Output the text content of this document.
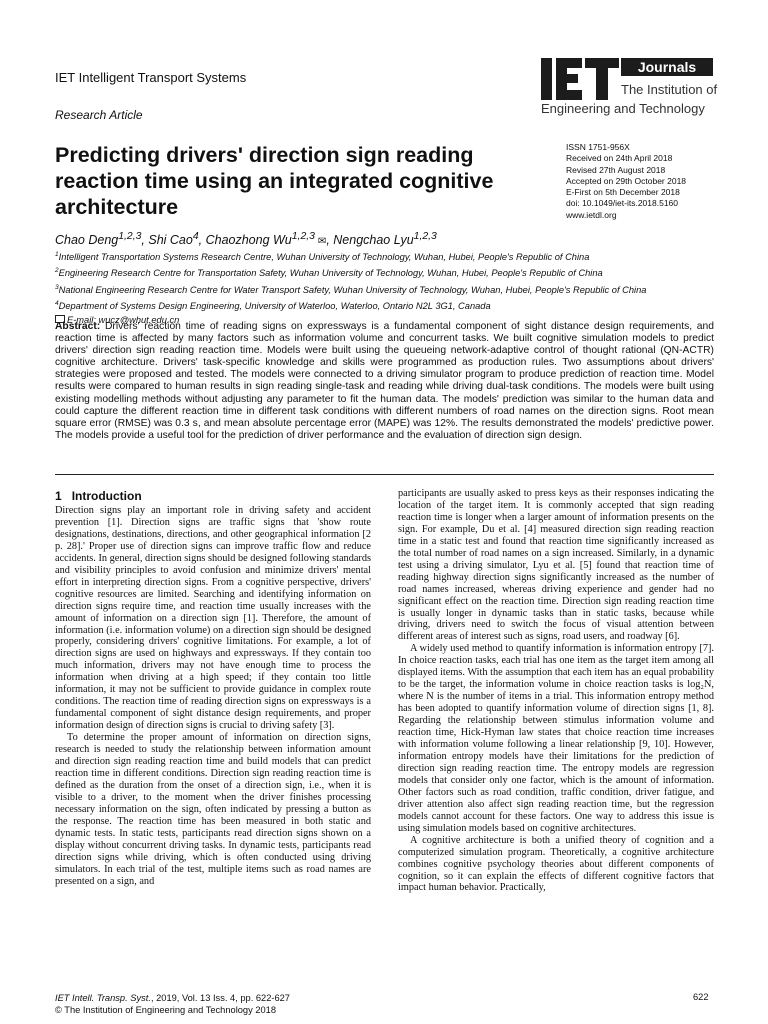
IET Intelligent Transport Systems
Research Article
Journals
The Institution of
Engineering and Technology
Predicting drivers' direction sign reading reaction time using an integrated cognitive architecture
ISSN 1751-956X
Received on 24th April 2018
Revised 27th August 2018
Accepted on 29th October 2018
E-First on 5th December 2018
doi: 10.1049/iet-its.2018.5160
www.ietdl.org
Chao Deng$^{1,2,3}$, Shi Cao$^4$, Chaozhong Wu$^{1,2,3}$ ✉, Nengchao Lyu$^{1,2,3}$
$^1$Intelligent Transportation Systems Research Centre, Wuhan University of Technology, Wuhan, Hubei, People's Republic of China
$^2$Engineering Research Centre for Transportation Safety, Wuhan University of Technology, Wuhan, Hubei, People's Republic of China
$^3$National Engineering Research Centre for Water Transport Safety, Wuhan University of Technology, Wuhan, Hubei, People's Republic of China
$^4$Department of Systems Design Engineering, University of Waterloo, Waterloo, Ontario N2L 3G1, Canada
E-mail: wucz@whut.edu.cn
Abstract: Drivers' reaction time of reading signs on expressways is a fundamental component of sight distance design requirements, and reaction time is affected by many factors such as information volume and concurrent tasks. We built cognitive simulation models to predict drivers' direction sign reading reaction time. Models were built using the queueing network-adaptive control of thought rational (QN-ACTR) cognitive architecture. Drivers' task-specific knowledge and skills were programmed as production rules. Two assumptions about drivers' strategies were proposed and tested. The models were connected to a driving simulator program to produce prediction of reaction time. Model results were compared to human results in sign reading single-task and reading while driving dual-task conditions. The models were built using existing modelling methods without adjusting any parameter to fit the human data. The models' prediction was similar to the human data and could capture the different reaction time in different task conditions with different numbers of road names on the direction signs. Root mean square error (RMSE) was 0.3 s, and mean absolute percentage error (MAPE) was 12%. The results demonstrated the models' predictive power. The models provide a useful tool for the prediction of driver performance and the evaluation of direction sign design.
1 Introduction

Direction signs play an important role in driving safety and accident prevention [1]. Direction signs are traffic signs that 'show route designations, destinations, directions, and other geographical information [2 p. 28].' Proper use of direction signs can improve traffic flow and reduce accidents. In general, direction signs should be designed following standards and visibility principles to avoid confusion and minimize drivers' mental effort in interpreting direction signs. From a cognitive perspective, drivers' cognitive resources are limited. Searching and identifying information on direction signs require time, and reaction time usually increases with the amount of information on a direction sign [1]. Therefore, the amount of information (i.e. information volume) on a direction sign should be designed properly, considering drivers' cognitive limitations. For example, a lot of direction signs are used on highways and expressways. If they contain too much information, drivers may not have enough time to process the information when driving at a high speed; if they contain too little information, it may not be sufficient to provide guidance in complex route conditions. The reaction time of reading direction signs on expressways is a fundamental component of sight distance design requirements, and proper information design of direction signs is crucial to driving safety [3].

To determine the proper amount of information on direction signs, research is needed to study the relationship between information amount and direction sign reading reaction time and build models that can predict reaction time in different conditions. Direction sign reading reaction time is defined as the duration from the onset of a direction sign, i.e., when it is visible to a driver, to the moment when the driver finishes processing necessary information on the sign, often indicated by pressing a button as the response. The reaction time has been measured in both static and dynamic tests. In static tests, participants read direction signs shown on a display without concurrent driving tasks. In dynamic tests, participants read direction signs while driving, which is often conducted using driving simulators. In each trial of the test, multiple items such as road names are presented on a sign, and

participants are usually asked to press keys as their responses indicating the location of the target item. It is commonly accepted that sign reading reaction time is longer when a larger amount of information presents on the sign. For example, Du et al. [4] measured direction sign reading reaction time in a static test and found that reaction time significantly increased as the total number of road names on a sign increased. Similarly, in a dynamic test using a driving simulator, Lyu et al. [5] found that reaction time of reading highway direction signs significantly increased as the number of road names increased, whereas driving experience and gender had no significant effect on the reaction time. Direction sign reading reaction time is usually longer in dynamic tasks than in static tasks, because while driving, drivers need to switch the focus of visual attention between different areas of interest such as signs, road users, and roadway [6].

A widely used method to quantify information is information entropy [7]. In choice reaction tasks, each trial has one item as the target item among all displayed items. With the assumption that each item has an equal probability to be the target, the information volume in choice reaction tasks is log₂N, where N is the number of items in a trial. This information entropy method has been adopted to quantify information volume of direction signs [1, 8]. Regarding the relationship between stimulus information volume and reaction time, Hick-Hyman law states that choice reaction time increases with information volume following a linear relationship [9, 10]. However, information entropy models have their limitations for the prediction of direction sign reading reaction time. The entropy models are regression models that consider only one factor, which is the amount of information. Other factors such as road condition, traffic condition, driver fatigue, and driver attention also affect sign reading reaction time, but the regression models cannot account for these factors. One way to address this issue is using simulation models based on cognitive architectures.

A cognitive architecture is both a unified theory of cognition and a computerized simulation program. Theoretically, a cognitive architecture combines cognitive psychology theories about different components of cognition, so it can explain the effects of different cognitive factors that impact human behavior. Practically,

IET Intell. Transp. Syst., 2019, Vol. 13 Iss. 4, pp. 622-627
© The Institution of Engineering and Technology 2018
622
